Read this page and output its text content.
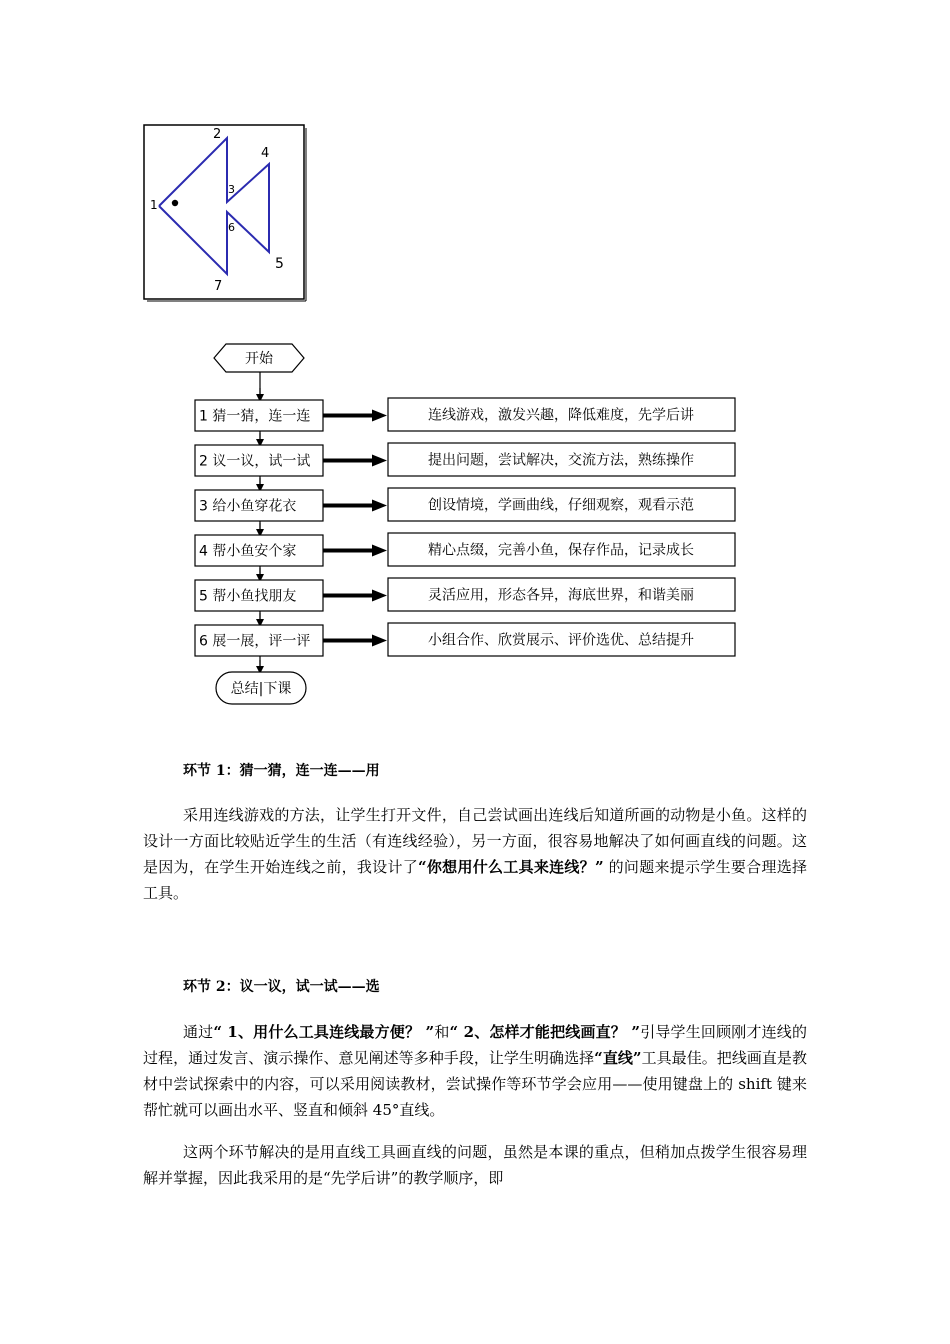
1
2
3
4
5
6
7
开始
1 猜一猜，连一连	连线游戏，激发兴趣，降低难度，先学后讲
2 议一议，试一试	提出问题，尝试解决，交流方法，熟练操作
3 给小鱼穿花衣	创设情境，学画曲线，仔细观察，观看示范
4 帮小鱼安个家	精心点缀，完善小鱼，保存作品，记录成长
5 帮小鱼找朋友	灵活应用，形态各异，海底世界，和谐美丽
6 展一展，评一评	小组合作、欣赏展示、评价选优、总结提升
总结|下课

环节 1：猜一猜，连一连——用

采用连线游戏的方法，让学生打开文件，自己尝试画出连线后知道所画的动物是小鱼。这样的设计一方面比较贴近学生的生活（有连线经验），另一方面，很容易地解决了如何画直线的问题。这是因为，在学生开始连线之前，我设计了“你想用什么工具来连线？” 的问题来提示学生要合理选择工具。

环节 2：议一议，试一试——选

通过“ 1、用什么工具连线最方便？ ”和“ 2、怎样才能把线画直？ ”引导学生回顾刚才连线的过程，通过发言、演示操作、意见阐述等多种手段，让学生明确选择“直线”工具最佳。把线画直是教材中尝试探索中的内容，可以采用阅读教材，尝试操作等环节学会应用——使用键盘上的 shift 键来帮忙就可以画出水平、竖直和倾斜 45°直线。

这两个环节解决的是用直线工具画直线的问题，虽然是本课的重点，但稍加点拨学生很容易理解并掌握，因此我采用的是“先学后讲”的教学顺序，即
